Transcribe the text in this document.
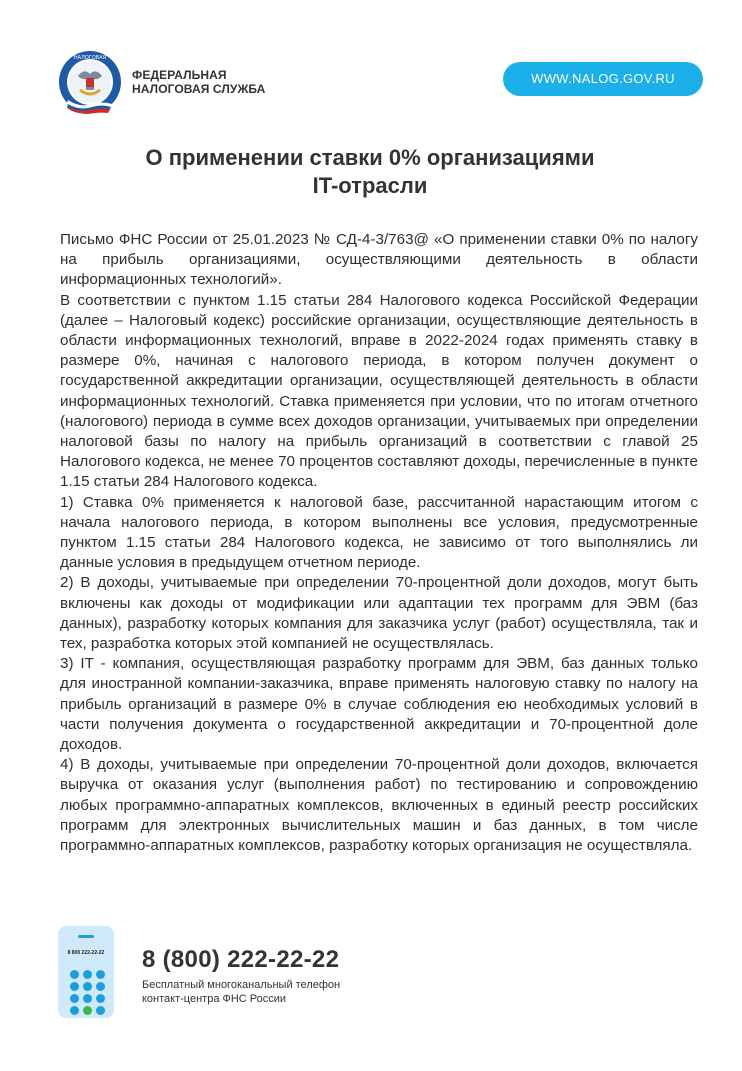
НАЛОГОВАЯ
ФЕДЕРАЛЬНАЯ
НАЛОГОВАЯ СЛУЖБА
WWW.NALOG.GOV.RU
О применении ставки 0% организациями
IT-отрасли

Письмо ФНС России от 25.01.2023 № СД-4-3/763@ «О применении ставки 0% по налогу на прибыль организациями, осуществляющими деятельность в области информационных технологий».

В соответствии с пунктом 1.15 статьи 284 Налогового кодекса Российской Федерации (далее – Налоговый кодекс) российские организации, осуществляющие деятельность в области информационных технологий, вправе в 2022-2024 годах применять ставку в размере 0%, начиная с налогового периода, в котором получен документ о государственной аккредитации организации, осуществляющей деятельность в области информационных технологий. Ставка применяется при условии, что по итогам отчетного (налогового) периода в сумме всех доходов организации, учитываемых при определении налоговой базы по налогу на прибыль организаций в соответствии с главой 25 Налогового кодекса, не менее 70 процентов составляют доходы, перечисленные в пункте 1.15 статьи 284 Налогового кодекса.

1) Ставка 0% применяется к налоговой базе, рассчитанной нарастающим итогом с начала налогового периода, в котором выполнены все условия, предусмотренные пунктом 1.15 статьи 284 Налогового кодекса, не зависимо от того выполнялись ли данные условия в предыдущем отчетном периоде.

2) В доходы, учитываемые при определении 70-процентной доли доходов, могут быть включены как доходы от модификации или адаптации тех программ для ЭВМ (баз данных), разработку которых компания для заказчика услуг (работ) осуществляла, так и тех, разработка которых этой компанией не осуществлялась.

3) IT - компания, осуществляющая разработку программ для ЭВМ, баз данных только для иностранной компании-заказчика, вправе применять налоговую ставку по налогу на прибыль организаций в размере 0% в случае соблюдения ею необходимых условий в части получения документа о государственной аккредитации и 70-процентной доле доходов.

4) В доходы, учитываемые при определении 70-процентной доли доходов, включается выручка от оказания услуг (выполнения работ) по тестированию и сопровождению любых программно-аппаратных комплексов, включенных в единый реестр российских программ для электронных вычислительных машин и баз данных, в том числе программно-аппаратных комплексов, разработку которых организация не осуществляла.

8 800 222-22-22	8 (800) 222-22-22
Бесплатный многоканальный телефон
контакт-центра ФНС России
